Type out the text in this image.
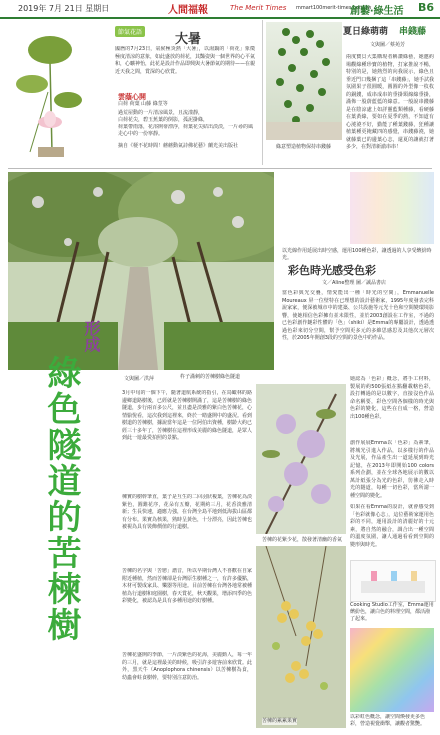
2019年 7月 21日 星期日	人間福報	The Merit Times mmart100merit-times.com.tw
創藝‧綠生活 B6
節氣花語	大暑
國曆的7月23日，氣候極炎熱「大暑」，以湯鍋的「荷花」象徵極度清涼的意象，如此盛放的荷花，其豔姿與一個世界的心平氣和，心曠神怡，此花是設計作品即興與大暑節氣的期待——在親近天我之間，賞深的心欣賞。
雲蔭心開
白荷 荷葉 山藤 綠莖等
過荒屋動的一片清涼風景，且流漾靜，
白荷花尖，碧玉蕉葉的倒影，孤泥掛綠，
荷葉帶雨落，花浴開蒂漂浮，荷葉花尖結出淡淡，一片尋的風
走心中的一份寧靜。
摘自《梗不花時間！蘑蘑動氣詩佛花藝》蘭光美出版社	綠意塑造植物保持串錢藤
夏日綠萌萌 串錢藤
文與圖／蔡苑芳
兩度寶貝大集購現者稱讚綠藝，她邀約場觀綠種珍寶的植物，打家推說不暢，特別的是，她熱烈的向我展示，綠色且垂近門口幾捆了這「串錢藤」，她手試我氛圍果子很圓暖，圓圓的外型像一枚枚的銅錢，成串成串的垂掛頸線綠垂掛，滿佈一股蔚藍藍的綠意。一般說串錢藤是在陰涼處上如詳靈藍類種藤，看硬藤在葉黃綠，要如在夏季的熱，不知道有心澆澆不好，勤能了種葉錢藤，狂種讓植葉種更掩藏四的感覺，串錢藤澆，她就藤葉已的邊葉心志，還夏的讓就打著多少，在對清新澈串串！
形成
綠色隧道的苦楝樹	文與圖／洪萍
3月中旬的一個下午，隨著道航系統的指引，在鳥瞰林的路邊鄉道路樹後，已經就是苦楝樹開滿了，這是苦楝樹的綠色隧道，步行兩百多公尺，並且盡是淡雅的紫白色苦楝花，心情愉悅看，這次我到這裡來，終於一睹盛開中的盛況。看到樹道的苦楝樹，據說當年這是一位阿伯出資種，樹齡大約已經三十多年了，苦楝樹在這裡形成美麗的綠色隧道，是眾人到此一遊最愛拍照的景點。
楝實的樹幹筆直，葉子是互生的二回羽狀複葉，苦楝花為淡紫色，圓錐花序，花朵有五瓣，花期約三月，花香淡雅清新；生長快速，適應力強，在台灣全島平地到低海拔山區都有分布。果實為核果，熟時呈黃色，十分漂亮，因此苦楝也被視為具有裝飾價值的行道樹。
苦楝的名字與「苦戀」諧音，所以早期台灣人不喜歡在自家附近種植，然而苦楝卻是台灣原生樹種之一，有許多優點，木材可製成家具、樂器等用途。目前苦楝在台灣各地常被種植為行道樹和庭園樹，春天賞花，秋天觀果，增添四季的色彩變化，被認為是具有多種用途的好樹種。
苦楝花盛開的季節，一片淡紫色的花海，美麗動人，每一年的三月，就是這裡最美的時候，吸引許多遊客前來欣賞。此外，黑天牛（Anoplophora chinensis）以苦楝樹為食，幼蟲會蛀食樹幹，要特別注意防治。
杵子滿刺的苦楝樹綠色隧道
苦楝的花紫少花，散發著清幽的香氣
苦楝的累累果實
以光線作用延展出時空感，運用100種色彩，讓透過的人享受繽紛時光。
彩色時光感受色彩
文／Aline整理 圖／誠品書店
當色彩與光交疊，情愛能出一種「時光的空間」，Emmanuelle Moureaux 屏一位壁特在已理想的設計藝術家，1995年度發表完科說家家，便深被城市中的建築、公共設施等元光十色和空間變環境影響，使她相信色彩擁有並未限性，並於2003創設在工作室，不過的已色彩創作鏈彩性體的「色」（shiki）是Emma的專屬設計，透過透過色彩來切分空間，幫予空間更多元的多維思感思及其他次元層次性，於2005年開創3段的空間的景色中的作品。
她認為「色彩」概念，將手工材料，製展的約500張紙在點翻載轄色彩，設打轉過的是以數字，直接沒色作品命名稱要，彩色空間各個樣的時光與色彩的變化，這些在自成一格，營造出100種色彩。
創作展展Emma以「色彩」為素筆，將城光引進入作品，以多樣行的作品及光展，作品產生出一道延展到時光記憶，在2013年即開始100 colors 系列企劃，並在全球各地展示的數以萬計紙張分為光的色彩，彷彿走入時光的隧道，每種一切色彩，當所謂一種空間的變化。
如果在看Emma的設計，就會感受到「色彩就像心志」，這位藝術家運用色彩的不同，運用設計的清麗好的十元素，將自然的融合，調合出一種空間的溫度氛圍，讓人通過看看到空間的變形與時光。
Cooking Studio工作室，Emma運用繽紛色，讓白色的料理空間，都活潑了起來。
以彩虹色概念，讓空間煥發更多色彩，營造視覺衝擊，讓觀者驚艷。
